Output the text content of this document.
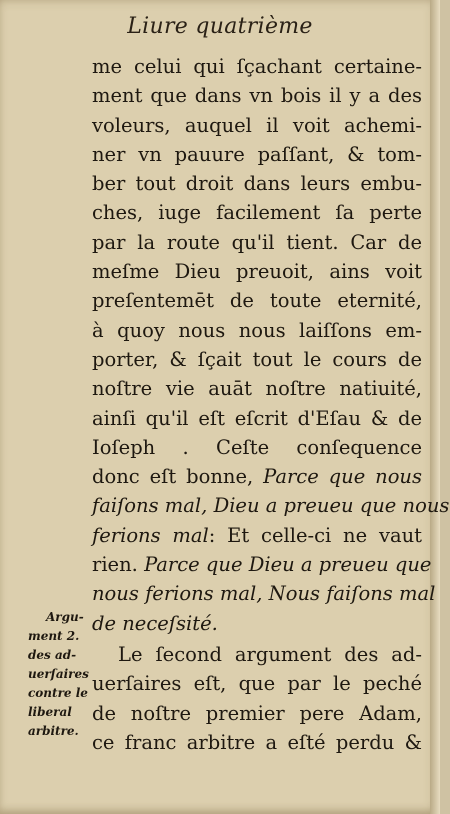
Liure quatrième
me celui qui ſçachant certaine-
ment que dans vn bois il y a des
voleurs, auquel il voit achemi-
ner vn pauure paſſant, & tom-
ber tout droit dans leurs embu-
ches, iuge facilement ſa perte
par la route qu'il tient. Car de
meſme Dieu preuoit, ains voit
preſentemēt de toute eternité,
à quoy nous nous laiſſons em-
porter, & ſçait tout le cours de
noſtre vie auāt noſtre natiuité,
ainſi qu'il eſt eſcrit d'Eſau & de
Ioſeph . Ceſte conſequence
donc eſt bonne, Parce que nous
faiſons mal, Dieu a preueu que nous
ferions mal: Et celle-ci ne vaut
rien. Parce que Dieu a preueu que
nous ferions mal, Nous faiſons mal
de neceſsité.
Le ſecond argument des ad-
uerſaires eſt, que par le peché
de noſtre premier pere Adam,
ce franc arbitre a eſté perdu &
Argu-
ment 2.
des ad-
uerſaires
contre le
liberal
arbitre.
